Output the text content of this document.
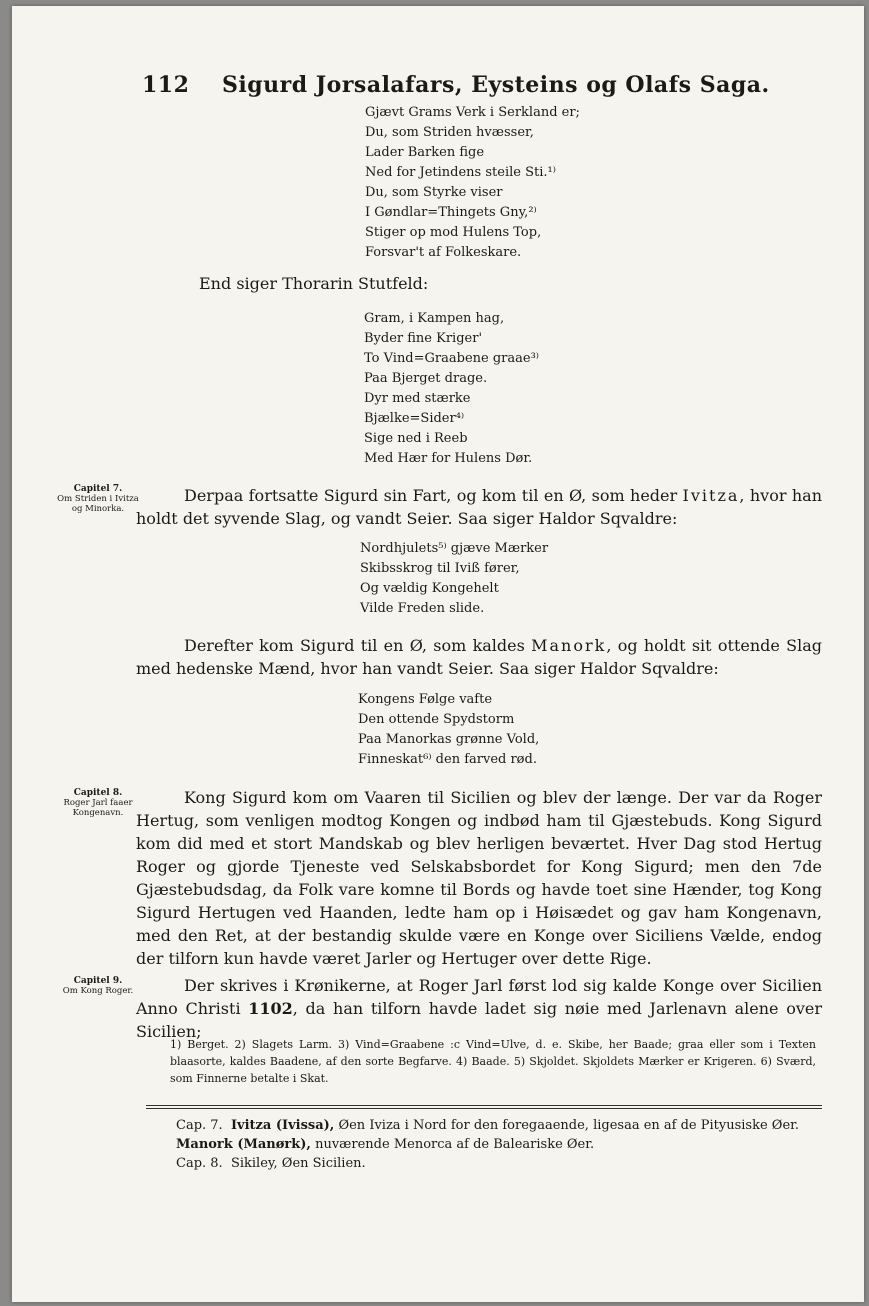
112 Sigurd Jorsalafars, Eysteins og Olafs Saga.
Gjævt Grams Verk i Serkland er;
Du, som Striden hvæsser,
Lader Barken fige
Ned for Jetindens steile Sti.¹⁾
Du, som Styrke viser
I Gøndlar=Thingets Gny,²⁾
Stiger op mod Hulens Top,
Forsvar't af Folkeskare.
End siger Thorarin Stutfeld:
Gram, i Kampen hag,
Byder fine Kriger'
To Vind=Graabene graae³⁾
Paa Bjerget drage.
Dyr med stærke
Bjælke=Sider⁴⁾
Sige ned i Reeb
Med Hær for Hulens Dør.
Capitel 7.
Om Striden i Ivitza og Minorka.
Derpaa fortsatte Sigurd sin Fart, og kom til en Ø, som heder Ivitza, hvor han holdt det syvende Slag, og vandt Seier. Saa siger Haldor Sqvaldre:
Nordhjulets⁵⁾ gjæve Mærker
Skibsskrog til Iviß fører,
Og vældig Kongehelt
Vilde Freden slide.
Derefter kom Sigurd til en Ø, som kaldes Manork, og holdt sit ottende Slag med hedenske Mænd, hvor han vandt Seier. Saa siger Haldor Sqvaldre:
Kongens Følge vafte
Den ottende Spydstorm
Paa Manorkas grønne Vold,
Finneskat⁶⁾ den farved rød.
Capitel 8.
Roger Jarl faaer Kongenavn.
Kong Sigurd kom om Vaaren til Sicilien og blev der længe. Der var da Roger Hertug, som venligen modtog Kongen og indbød ham til Gjæstebuds. Kong Sigurd kom did med et stort Mandskab og blev herligen beværtet. Hver Dag stod Hertug Roger og gjorde Tjeneste ved Selskabsbordet for Kong Sigurd; men den 7de Gjæstebudsdag, da Folk vare komne til Bords og havde toet sine Hænder, tog Kong Sigurd Hertugen ved Haanden, ledte ham op i Høisædet og gav ham Kongenavn, med den Ret, at der bestandig skulde være en Konge over Siciliens Vælde, endog der tilforn kun havde været Jarler og Hertuger over dette Rige.
Capitel 9.
Om Kong Roger.	Der skrives i Krønikerne, at Roger Jarl først lod sig kalde Konge over Sicilien Anno Christi 1102, da han tilforn havde ladet sig nøie med Jarlenavn alene over Sicilien;
1) Berget. 2) Slagets Larm. 3) Vind=Graabene :c Vind=Ulve, d. e. Skibe, her Baade; graa eller som i Texten blaasorte, kaldes Baadene, af den sorte Begfarve. 4) Baade. 5) Skjoldet. Skjoldets Mærker er Krigeren. 6) Sværd, som Finnerne betalte i Skat.
Cap. 7. Ivitza (Ivissa), Øen Iviza i Nord for den foregaaende, ligesaa en af de Pityusiske Øer.
Manork (Manørk), nuværende Menorca af de Baleariske Øer.
Cap. 8. Sikiley, Øen Sicilien.
